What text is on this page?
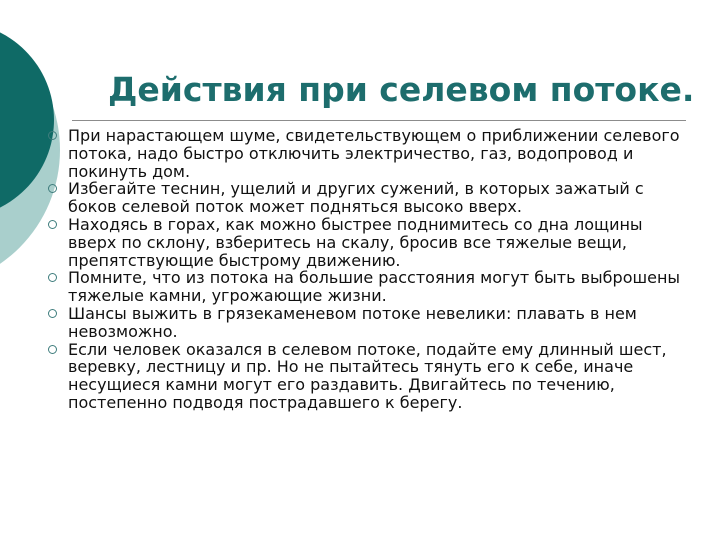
Действия при селевом потоке.
При нарастающем шуме, свидетельствующем о приближении селевого потока, надо быстро отключить электричество, газ, водопровод и покинуть дом.
Избегайте теснин, ущелий и других сужений, в которых зажатый с боков селевой поток может подняться высоко вверх.
Находясь в горах, как можно быстрее поднимитесь со дна лощины вверх по склону, взберитесь на скалу, бросив все тяжелые вещи, препятствующие быстрому движению.
Помните, что из потока на большие расстояния могут быть выброшены тяжелые камни, угрожающие жизни.
Шансы выжить в грязекаменевом потоке невелики: плавать в нем невозможно.
Если человек оказался в селевом потоке, подайте ему длинный шест, веревку, лестницу и пр. Но не пытайтесь тянуть его к себе, иначе несущиеся камни могут его раздавить. Двигайтесь по течению, постепенно подводя пострадавшего к берегу.
